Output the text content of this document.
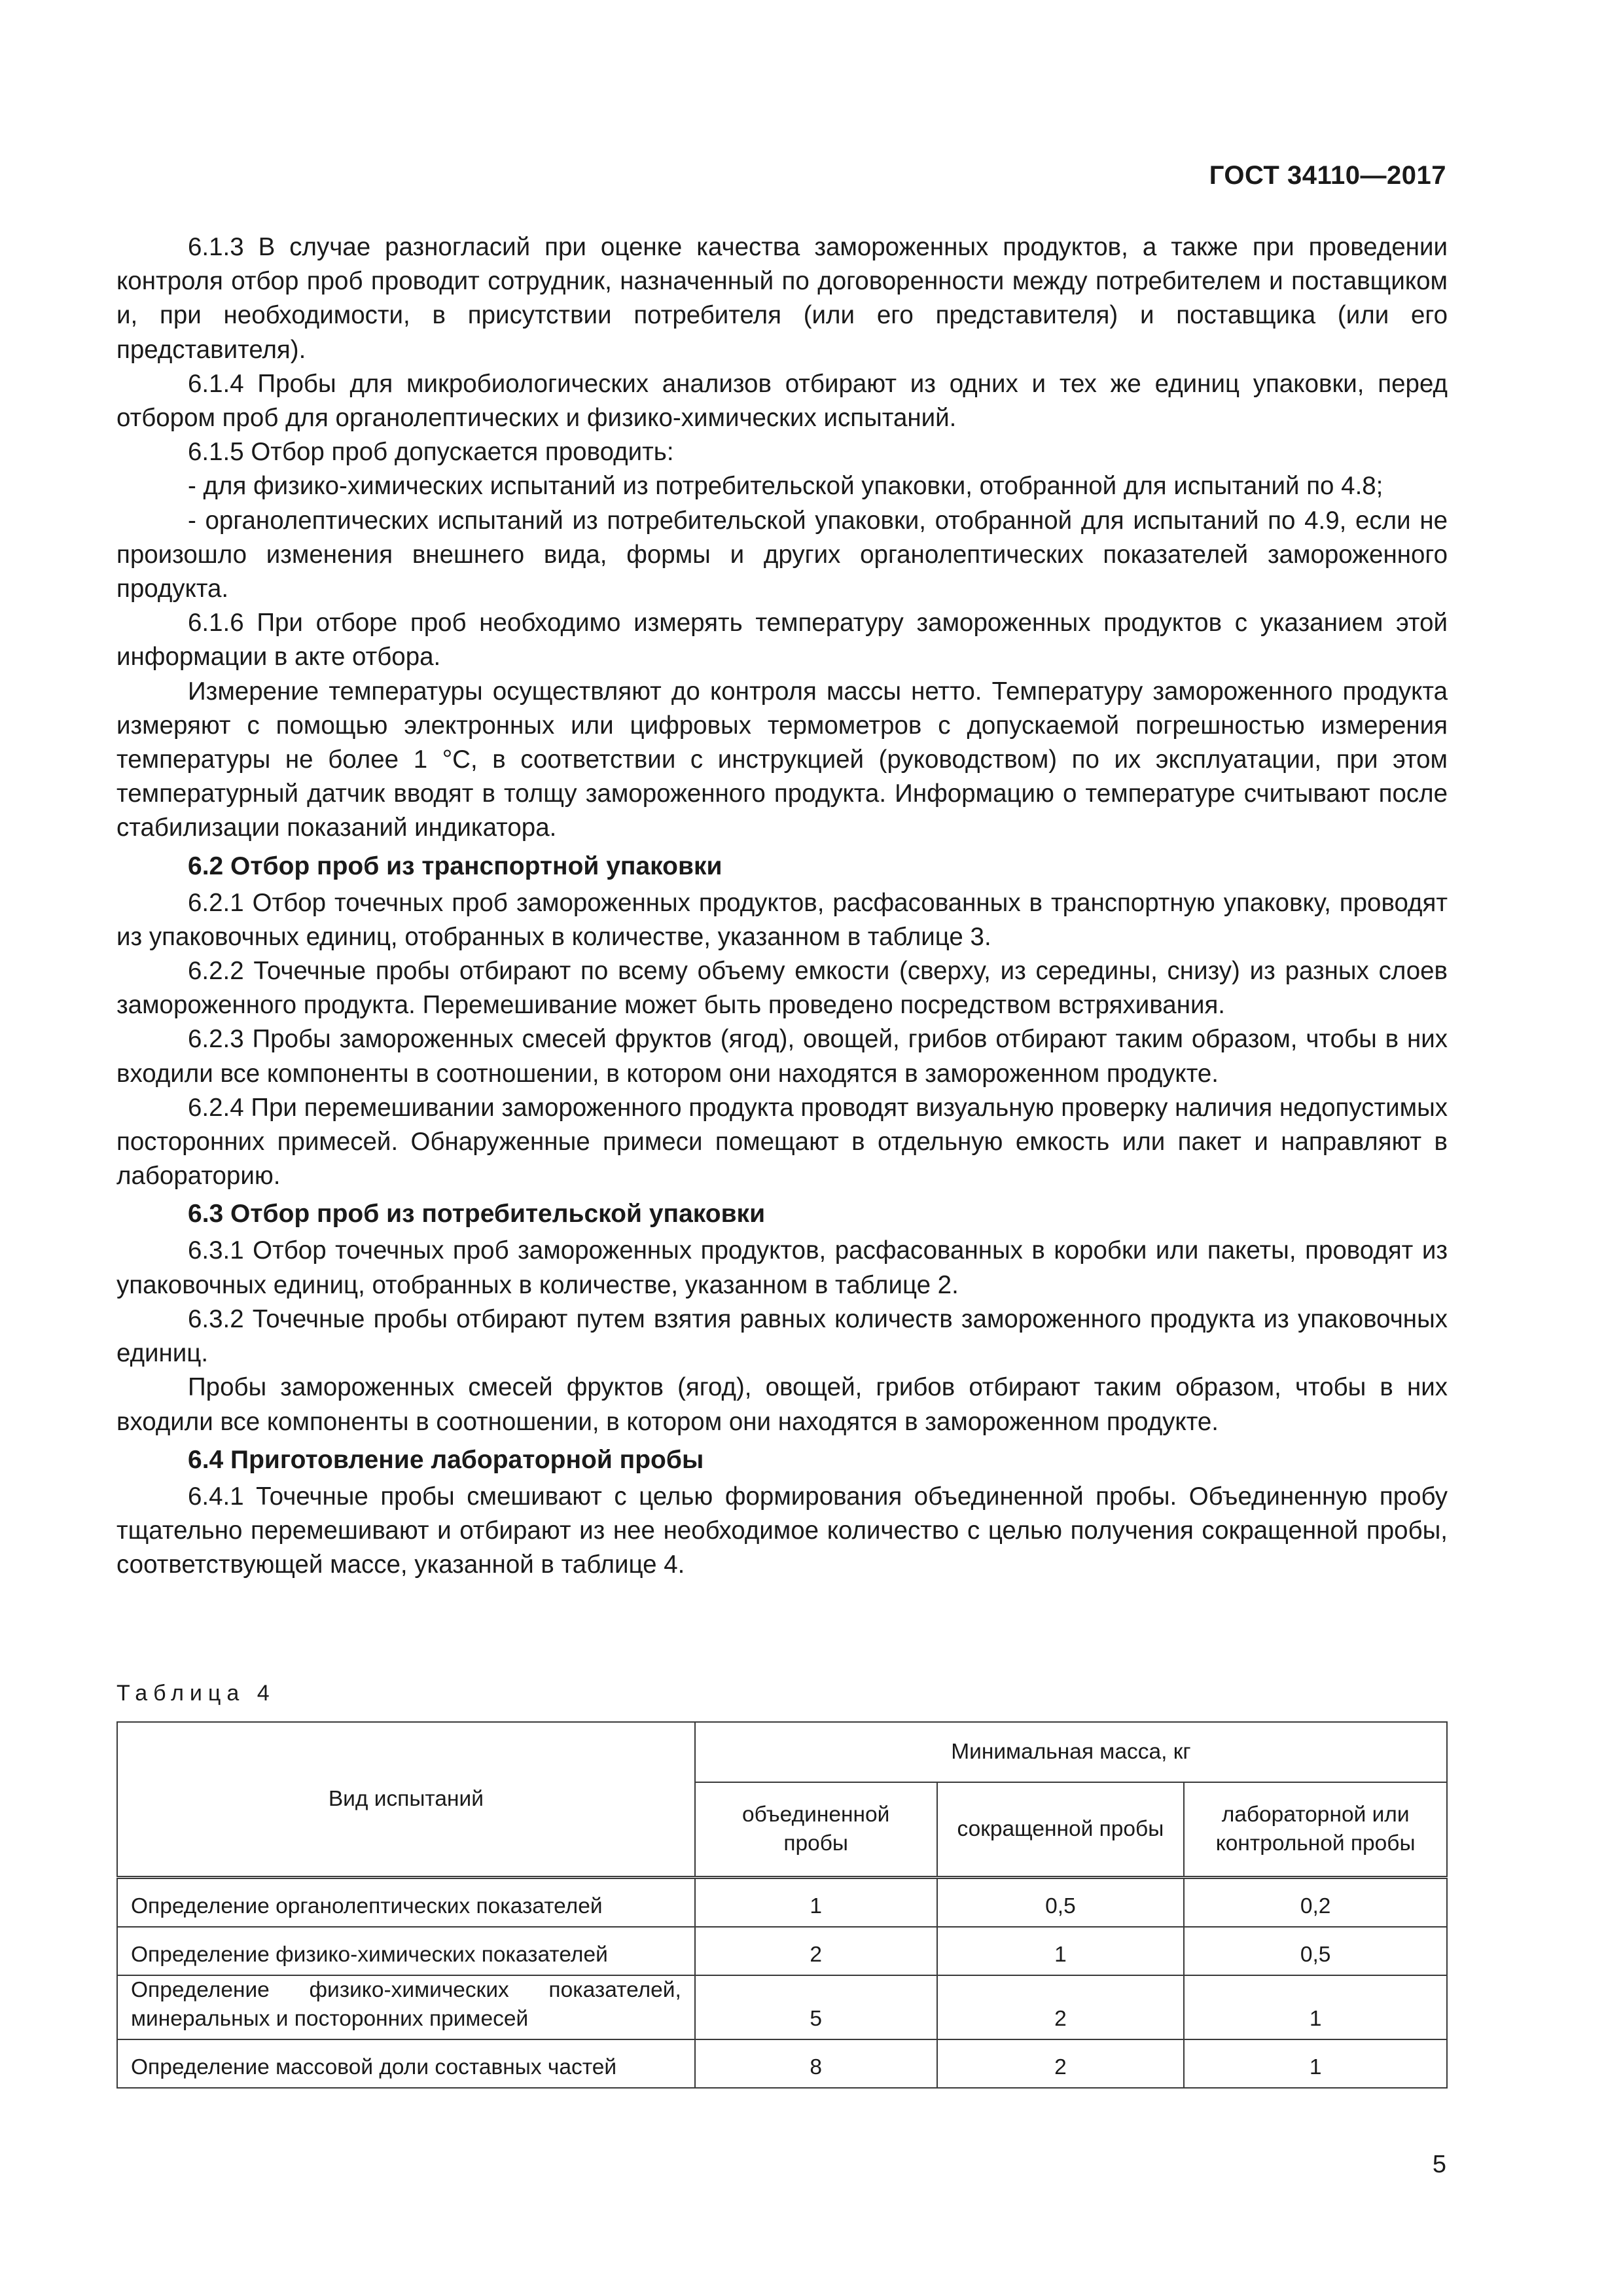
ГОСТ 34110—2017

6.1.3 В случае разногласий при оценке качества замороженных продуктов, а также при проведении контроля отбор проб проводит сотрудник, назначенный по договоренности между потребителем и поставщиком и, при необходимости, в присутствии потребителя (или его представителя) и поставщика (или его представителя).

6.1.4 Пробы для микробиологических анализов отбирают из одних и тех же единиц упаковки, перед отбором проб для органолептических и физико-химических испытаний.

6.1.5 Отбор проб допускается проводить:

- для физико-химических испытаний из потребительской упаковки, отобранной для испытаний по 4.8;

- органолептических испытаний из потребительской упаковки, отобранной для испытаний по 4.9, если не произошло изменения внешнего вида, формы и других органолептических показателей замороженного продукта.

6.1.6 При отборе проб необходимо измерять температуру замороженных продуктов с указанием этой информации в акте отбора.

Измерение температуры осуществляют до контроля массы нетто. Температуру замороженного продукта измеряют с помощью электронных или цифровых термометров с допускаемой погрешностью измерения температуры не более 1 °С, в соответствии с инструкцией (руководством) по их эксплуатации, при этом температурный датчик вводят в толщу замороженного продукта. Информацию о температуре считывают после стабилизации показаний индикатора.

6.2 Отбор проб из транспортной упаковки

6.2.1 Отбор точечных проб замороженных продуктов, расфасованных в транспортную упаковку, проводят из упаковочных единиц, отобранных в количестве, указанном в таблице 3.

6.2.2 Точечные пробы отбирают по всему объему емкости (сверху, из середины, снизу) из разных слоев замороженного продукта. Перемешивание может быть проведено посредством встряхивания.

6.2.3 Пробы замороженных смесей фруктов (ягод), овощей, грибов отбирают таким образом, чтобы в них входили все компоненты в соотношении, в котором они находятся в замороженном продукте.

6.2.4 При перемешивании замороженного продукта проводят визуальную проверку наличия недопустимых посторонних примесей. Обнаруженные примеси помещают в отдельную емкость или пакет и направляют в лабораторию.

6.3 Отбор проб из потребительской упаковки

6.3.1 Отбор точечных проб замороженных продуктов, расфасованных в коробки или пакеты, проводят из упаковочных единиц, отобранных в количестве, указанном в таблице 2.

6.3.2 Точечные пробы отбирают путем взятия равных количеств замороженного продукта из упаковочных единиц.

Пробы замороженных смесей фруктов (ягод), овощей, грибов отбирают таким образом, чтобы в них входили все компоненты в соотношении, в котором они находятся в замороженном продукте.

6.4 Приготовление лабораторной пробы

6.4.1 Точечные пробы смешивают с целью формирования объединенной пробы. Объединенную пробу тщательно перемешивают и отбирают из нее необходимое количество с целью получения сокращенной пробы, соответствующей массе, указанной в таблице 4.

Таблица 4
Вид испытаний	Минимальная масса, кг		
	объединенной пробы	сокращенной пробы	лабораторной или контрольной пробы
Определение органолептических показателей	1	0,5	0,2
Определение физико-химических показателей	2	1	0,5
Определение физико-химических показателей, минеральных и посторонних примесей	5	2	1
Определение массовой доли составных частей	8	2	1
5
